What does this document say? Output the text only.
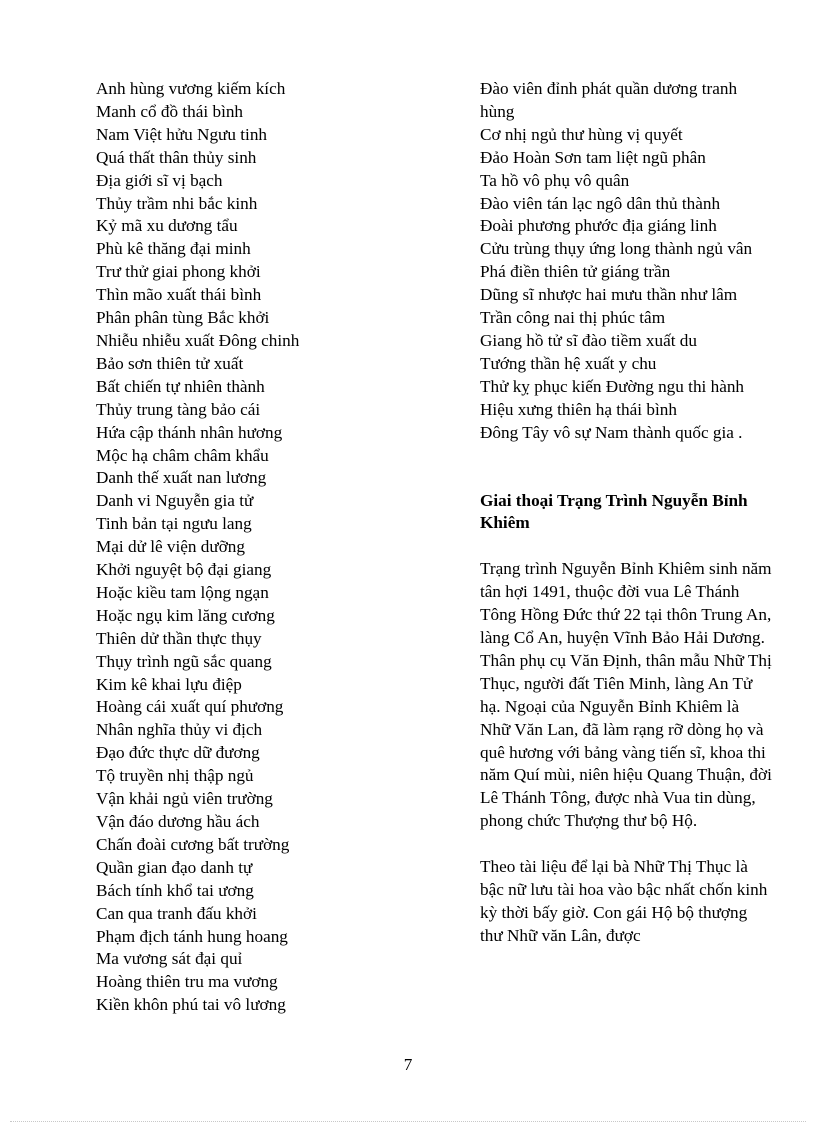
Anh hùng vương kiếm kích
Manh cổ đồ thái bình
Nam Việt hửu Ngưu tinh
Quá thất thân thủy sinh
Địa giới sĩ vị bạch
Thủy trầm nhi bắc kinh
Kỷ mã xu dương tẩu
Phù kê thăng đại minh
Trư thử giai phong khởi
Thìn mão xuất thái bình
Phân phân tùng Bắc khởi
Nhiễu nhiễu xuất Đông chinh
Bảo sơn thiên tử xuất
Bất chiến tự nhiên thành
Thủy trung tàng bảo cái
Hứa cập thánh nhân hương
Mộc hạ châm châm khẩu
Danh thế xuất nan lương
Danh vi Nguyễn gia tử
Tinh bản tại ngưu lang
Mại dử lê viện dưỡng
Khởi nguyệt bộ đại giang
Hoặc kiều tam lộng ngạn
Hoặc ngụ kim lăng cương
Thiên dử thần thực thụy
Thụy trình ngũ sắc quang
Kim kê khai lựu điệp
Hoàng cái xuất quí phương
Nhân nghĩa thủy vi địch
Đạo đức thực dữ đương
Tộ truyền nhị thập ngủ
Vận khải ngủ viên trường
Vận đáo dương hầu ách
Chấn đoài cương bất trường
Quần gian đạo danh tự
Bách tính khổ tai ương
Can qua tranh đấu khởi
Phạm địch tánh hung hoang
Ma vương sát đại quỉ
Hoàng thiên tru ma vương
Kiền khôn phú tai vô lương
Đào viên đỉnh phát quần dương tranh hùng
Cơ nhị ngủ thư hùng vị quyết
Đảo Hoàn Sơn tam liệt ngũ phân
Ta hồ vô phụ vô quân
Đào viên tán lạc ngô dân thủ thành
Đoài phương phước địa giáng linh
Cửu trùng thụy ứng long thành ngủ vân
Phá điền thiên tử giáng trần
Dũng sĩ nhược hai mưu thần như lâm
Trần công nai thị phúc tâm
Giang hồ tử sĩ đào tiềm xuất du
Tướng thần hệ xuất y chu
Thử kỵ phục kiến Đường ngu thi hành
Hiệu xưng thiên hạ thái bình
Đông Tây vô sự Nam thành quốc gia .
Giai thoại Trạng Trình Nguyễn Bỉnh Khiêm

Trạng trình Nguyễn Bỉnh Khiêm sinh năm tân hợi 1491, thuộc đời vua Lê Thánh Tông Hồng Đức thứ 22 tại thôn Trung An, làng Cổ An, huyện Vĩnh Bảo Hải Dương. Thân phụ cụ Văn Định, thân mẫu Nhữ Thị Thục, người đất Tiên Minh, làng An Tử hạ. Ngoại của Nguyễn Bỉnh Khiêm là Nhữ Văn Lan, đã làm rạng rỡ dòng họ và quê hương với bảng vàng tiến sĩ, khoa thi năm Quí mùi, niên hiệu Quang Thuận, đời Lê Thánh Tông, được nhà Vua tin dùng, phong chức Thượng thư bộ Hộ.

Theo tài liệu để lại bà Nhữ Thị Thục là bậc nữ lưu tài hoa vào bậc nhất chốn kinh kỳ thời bấy giờ. Con gái Hộ bộ thượng thư Nhữ văn Lân, được

7
